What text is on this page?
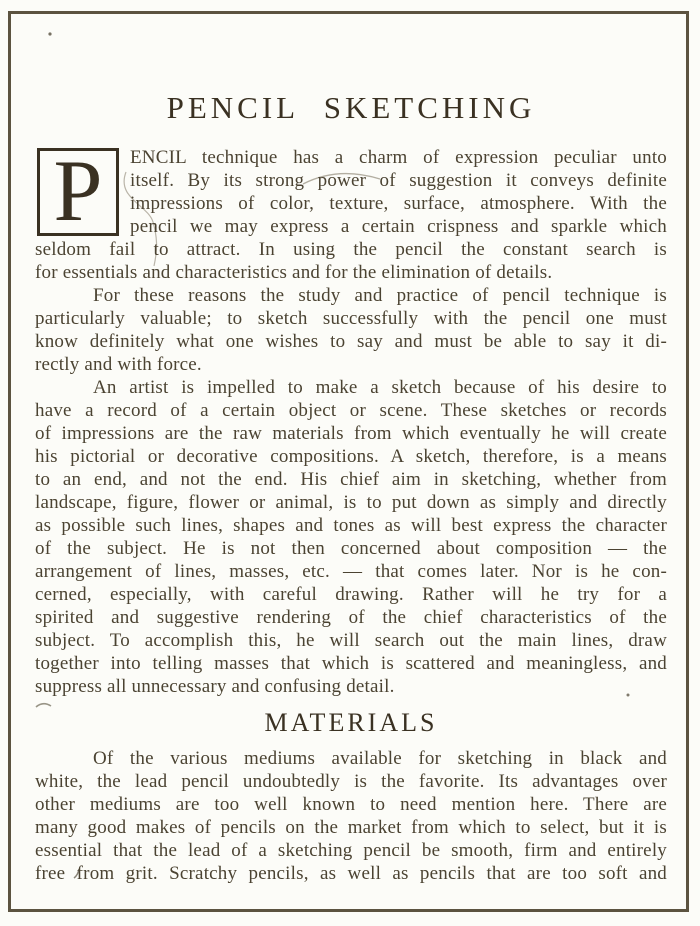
PENCIL SKETCHING
P	ENCIL technique has a charm of expression peculiar unto
itself. By its strong power of suggestion it conveys definite
impressions of color, texture, surface, atmosphere. With the
pencil we may express a certain crispness and sparkle which
seldom fail to attract. In using the pencil the constant search is
for essentials and characteristics and for the elimination of details.
For these reasons the study and practice of pencil technique is
particularly valuable; to sketch successfully with the pencil one must
know definitely what one wishes to say and must be able to say it di-
rectly and with force.
An artist is impelled to make a sketch because of his desire to
have a record of a certain object or scene. These sketches or records
of impressions are the raw materials from which eventually he will create
his pictorial or decorative compositions. A sketch, therefore, is a means
to an end, and not the end. His chief aim in sketching, whether from
landscape, figure, flower or animal, is to put down as simply and directly
as possible such lines, shapes and tones as will best express the character
of the subject. He is not then concerned about composition — the
arrangement of lines, masses, etc. — that comes later. Nor is he con-
cerned, especially, with careful drawing. Rather will he try for a
spirited and suggestive rendering of the chief characteristics of the
subject. To accomplish this, he will search out the main lines, draw
together into telling masses that which is scattered and meaningless, and
suppress all unnecessary and confusing detail.
MATERIALS
Of the various mediums available for sketching in black and
white, the lead pencil undoubtedly is the favorite. Its advantages over
other mediums are too well known to need mention here. There are
many good makes of pencils on the market from which to select, but it is
essential that the lead of a sketching pencil be smooth, firm and entirely
free from grit. Scratchy pencils, as well as pencils that are too soft and
